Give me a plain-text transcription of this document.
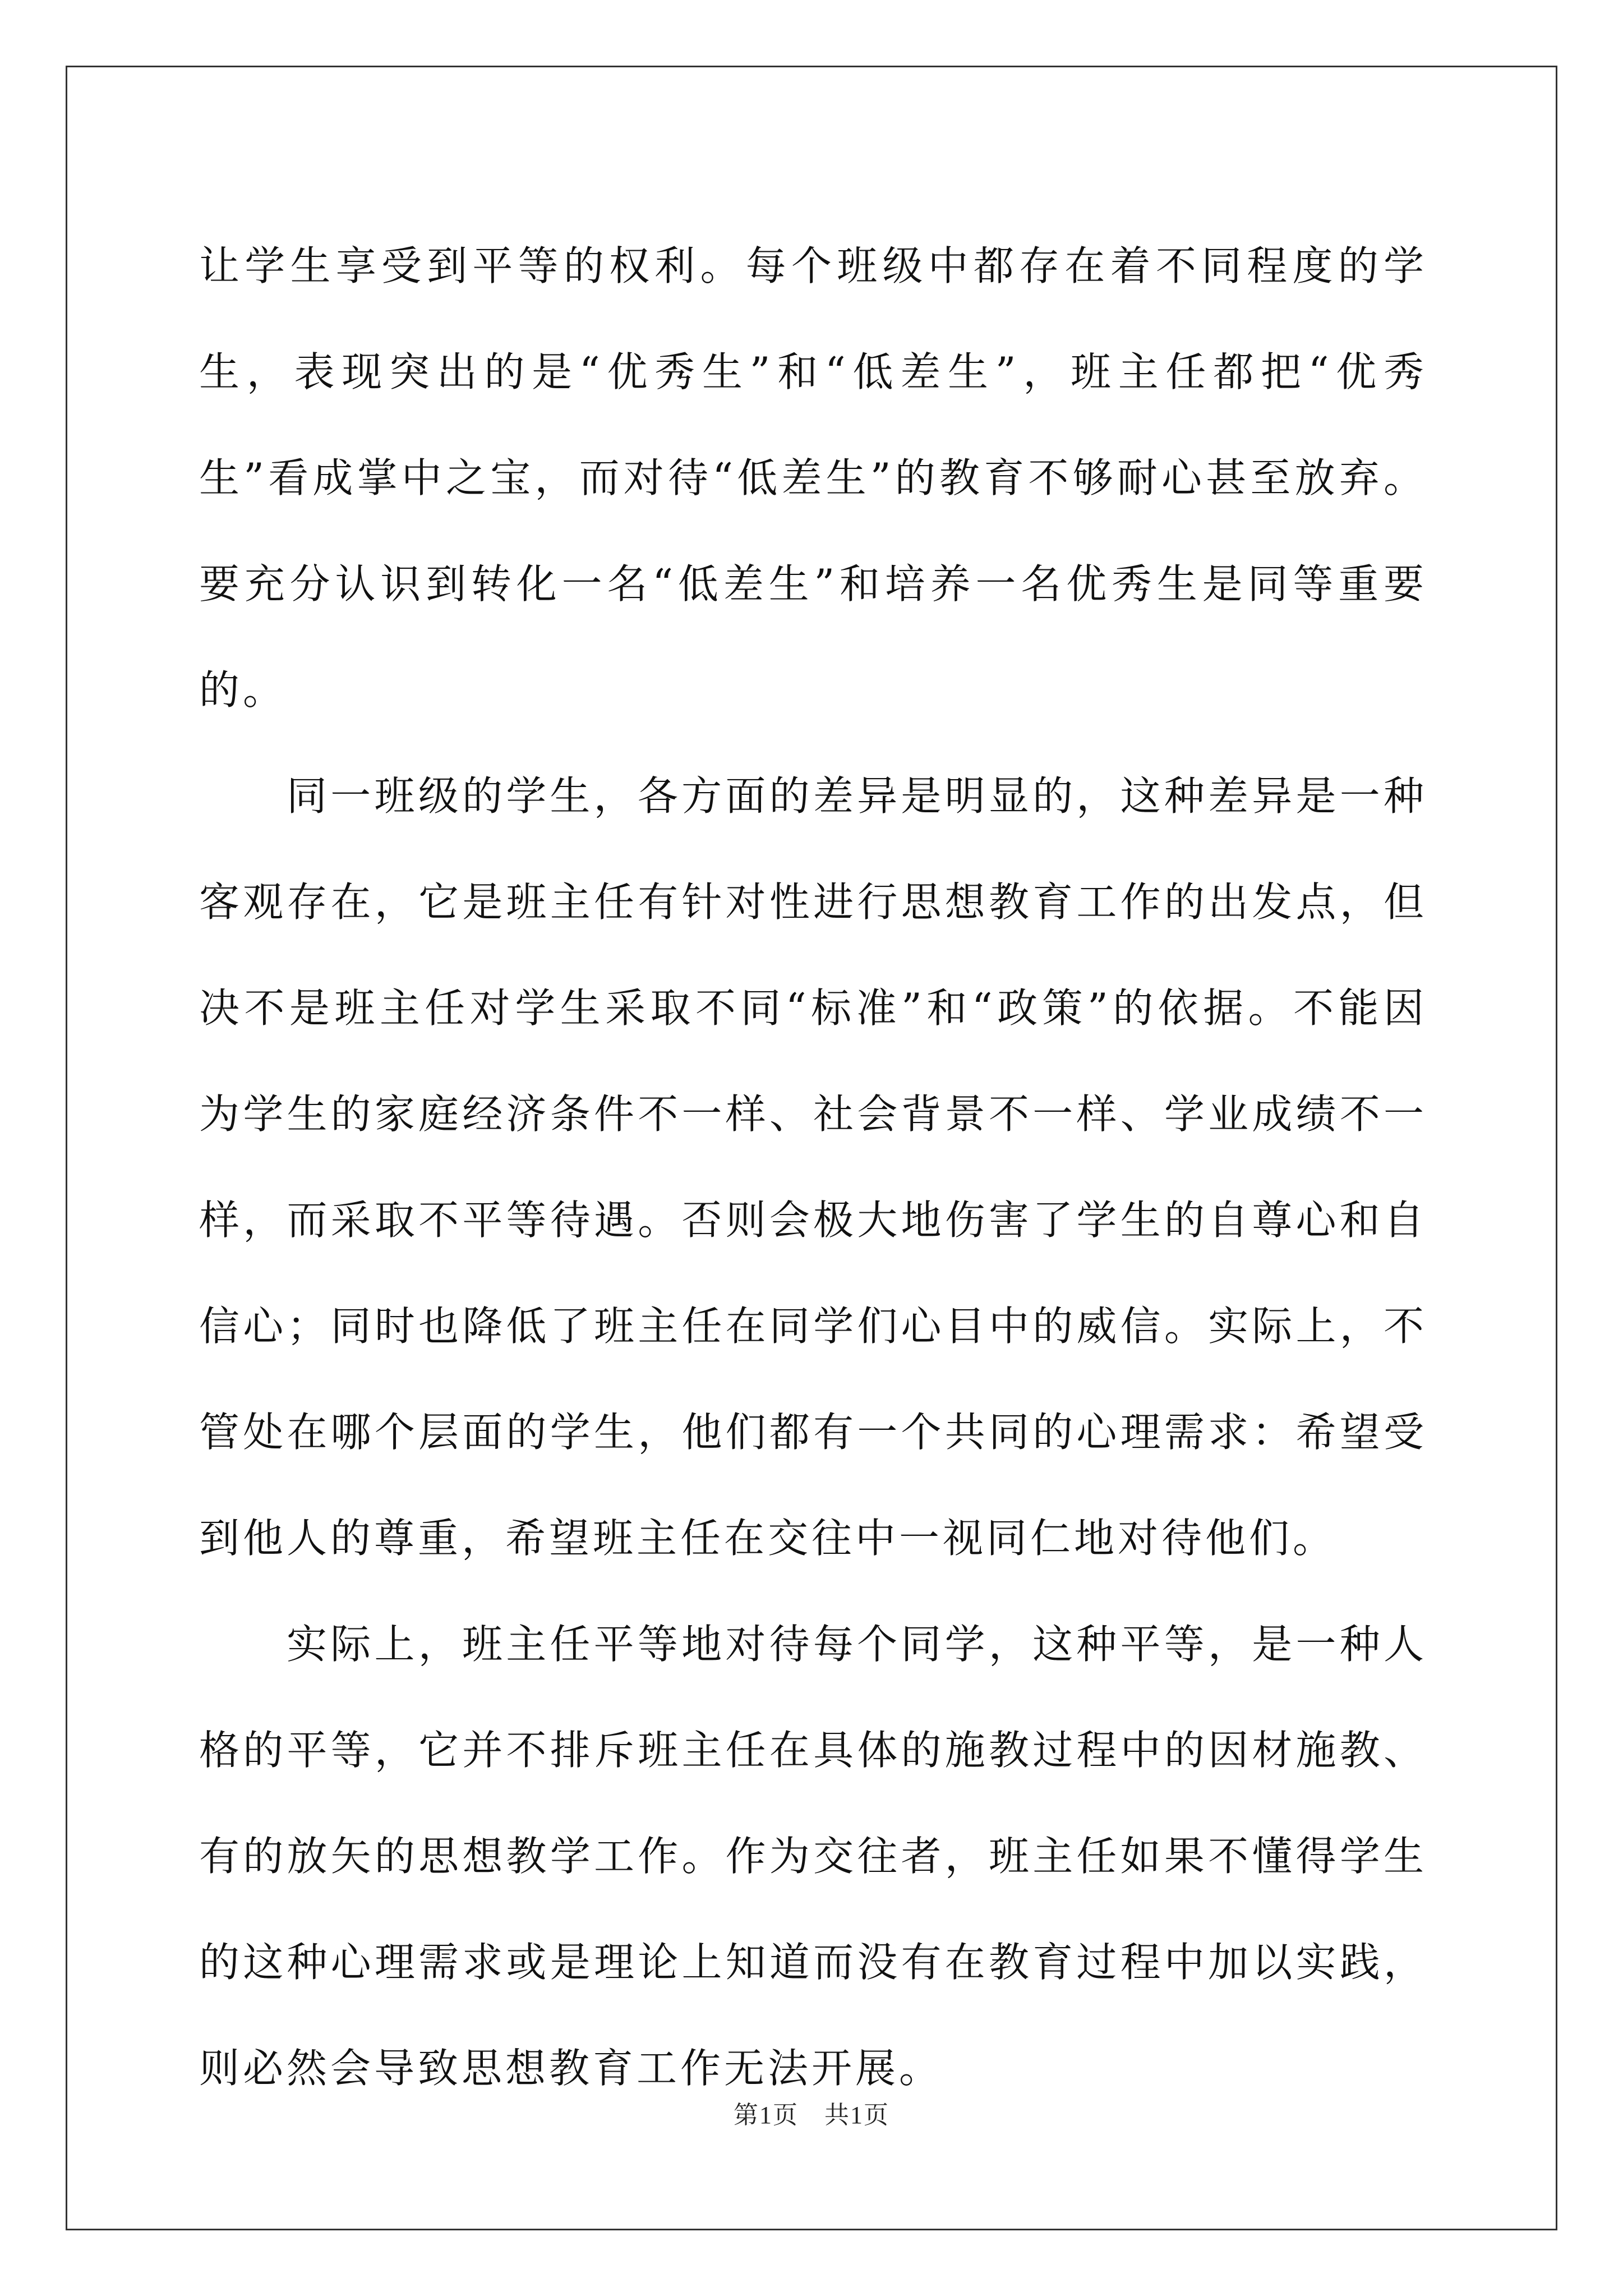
让学生享受到平等的权利。每个班级中都存在着不同程度的学生，表现突出的是“优秀生”和“低差生”，班主任都把“优秀生”看成掌中之宝，而对待“低差生”的教育不够耐心甚至放弃。要充分认识到转化一名“低差生”和培养一名优秀生是同等重要的。

同一班级的学生，各方面的差异是明显的，这种差异是一种客观存在，它是班主任有针对性进行思想教育工作的出发点，但决不是班主任对学生采取不同“标准”和“政策”的依据。不能因为学生的家庭经济条件不一样、社会背景不一样、学业成绩不一样，而采取不平等待遇。否则会极大地伤害了学生的自尊心和自信心；同时也降低了班主任在同学们心目中的威信。实际上，不管处在哪个层面的学生，他们都有一个共同的心理需求：希望受到他人的尊重，希望班主任在交往中一视同仁地对待他们。

实际上，班主任平等地对待每个同学，这种平等，是一种人格的平等，它并不排斥班主任在具体的施教过程中的因材施教、有的放矢的思想教学工作。作为交往者，班主任如果不懂得学生的这种心理需求或是理论上知道而没有在教育过程中加以实践，则必然会导致思想教育工作无法开展。

第1页　共1页
